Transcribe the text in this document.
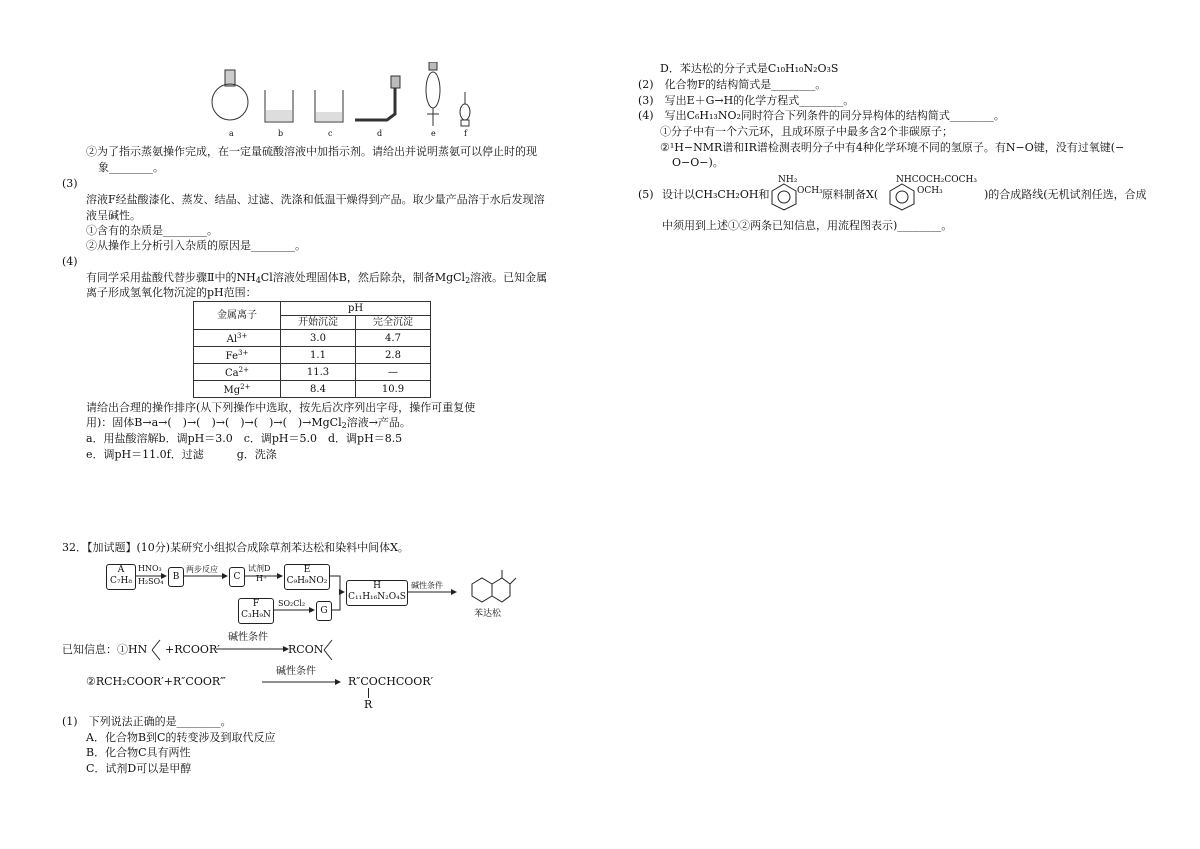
a	b	c	d	e	f
②为了指示蒸氨操作完成，在一定量硫酸溶液中加指示剂。请给出并说明蒸氨可以停止时的现
象________。
(3)
溶液F经盐酸漆化、蒸发、结晶、过滤、洗涤和低温干燥得到产品。取少量产品溶于水后发现溶
液呈碱性。
①含有的杂质是________。
②从操作上分析引入杂质的原因是________。
(4)
有同学采用盐酸代替步骤Ⅱ中的$NH_4Cl$溶液处理固体B，然后除杂，制备MgCl$_2$溶液。已知金属
离子形成氢氧化物沉淀的pH范围：
金属离子	pH	
	开始沉淀	完全沉淀
$Al^{3+}$	3.0	4.7
$Fe^{3+}$	1.1	2.8
$Ca^{2+}$	11.3	—
$Mg^{2+}$	8.4	10.9
请给出合理的操作排序(从下列操作中选取，按先后次序列出字母，操作可重复使
用)：固体B→a→(　)→(　)→(　)→(　)→(　)→MgCl$_2$溶液→产品。
a．用盐酸溶解b．调pH＝3.0　c．调pH＝5.0　d．调pH＝8.5
e．调pH＝11.0f．过滤　　　g．洗涤
32．【加试题】(10分)某研究小组拟合成除草剂苯达松和染料中间体X。
A
C₇H₈
HNO₃
H₂SO₄	B
两步反应
C
试剂D
H⁺
E
C₉H₉NO₂
F
C₃H₉N
SO₂Cl₂
G
H
C₁₁H₁₆N₂O₄S
碱性条件
苯达松
已知信息：①HN +RCOOR′
碱性条件
RCON
②RCH₂COOR′+R″COOR‴
碱性条件
R″COCHCOOR′
R
(1)　下列说法正确的是________。
A．化合物B到C的转变涉及到取代反应
B．化合物C具有两性
C．试剂D可以是甲醇
D．苯达松的分子式是C₁₀H₁₀N₂O₃S
(2)　化合物F的结构简式是________。
(3)　写出E＋G→H的化学方程式________。
(4)　写出C₆H₁₃NO₂同时符合下列条件的同分异构体的结构简式________。
①分子中有一个六元环，且成环原子中最多含2个非碳原子；
②¹H−NMR谱和IR谱检测表明分子中有4种化学环境不同的氢原子。有N−O键，没有过氧键(−
O−O−)。
(5) 设计以CH₃CH₂OH和
NH₂
OCH₃ 原料制备X(
NHCOCH₂COCH₃
OCH₃	)的合成路线(无机试剂任选，合成
中须用到上述①②两条已知信息，用流程图表示)________。
